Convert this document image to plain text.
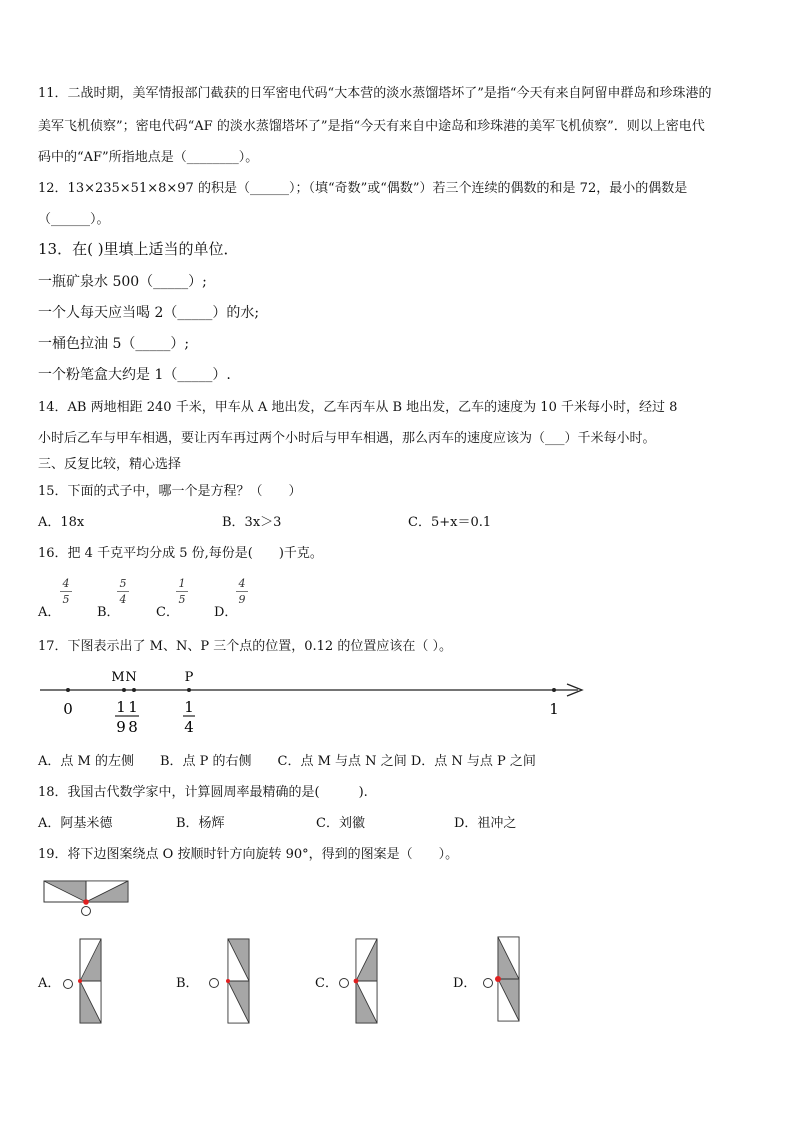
11．二战时期，美军情报部门截获的日军密电代码“大本营的淡水蒸馏塔坏了”是指“今天有来自阿留申群岛和珍珠港的
美军飞机侦察”；密电代码“AF 的淡水蒸馏塔坏了”是指“今天有来自中途岛和珍珠港的美军飞机侦察”．则以上密电代
码中的“AF”所指地点是（________）。
12．13×235×51×8×97 的积是（______）；（填“奇数”或“偶数”）若三个连续的偶数的和是 72，最小的偶数是
（______）。
13．在( )里填上适当的单位．
一瓶矿泉水 500（_____）;
一个人每天应当喝 2（_____）的水;
一桶色拉油 5（_____）;
一个粉笔盒大约是 1（_____）.
14．AB 两地相距 240 千米，甲车从 A 地出发，乙车丙车从 B 地出发，乙车的速度为 10 千米每小时，经过 8
小时后乙车与甲车相遇，要让丙车再过两个小时后与甲车相遇，那么丙车的速度应该为（___）千米每小时。
三、反复比较，精心选择
15．下面的式子中，哪一个是方程？（　　）
A．18x	B．3x＞3	C．5+x＝0.1
16．把 4 千克平均分成 5 份,每份是(　　)千克。
A．
4
5
B．
5
4
C．
1
5
D．
4
9
17．下图表示出了 M、N、P 三个点的位置，0.12 的位置应该在（ ）。
M N	P
0	1
9
1
8
1
4
1
A．点 M 的左侧　　B．点 P 的右侧　　C．点 M 与点 N 之间 D．点 N 与点 P 之间
18．我国古代数学家中，计算圆周率最精确的是(　　　).
A．阿基米德	B．杨辉	C．刘徽	D．祖冲之
19．将下边图案绕点 O 按顺时针方向旋转 90°，得到的图案是（　　）。
A．	B．	C．	D．
